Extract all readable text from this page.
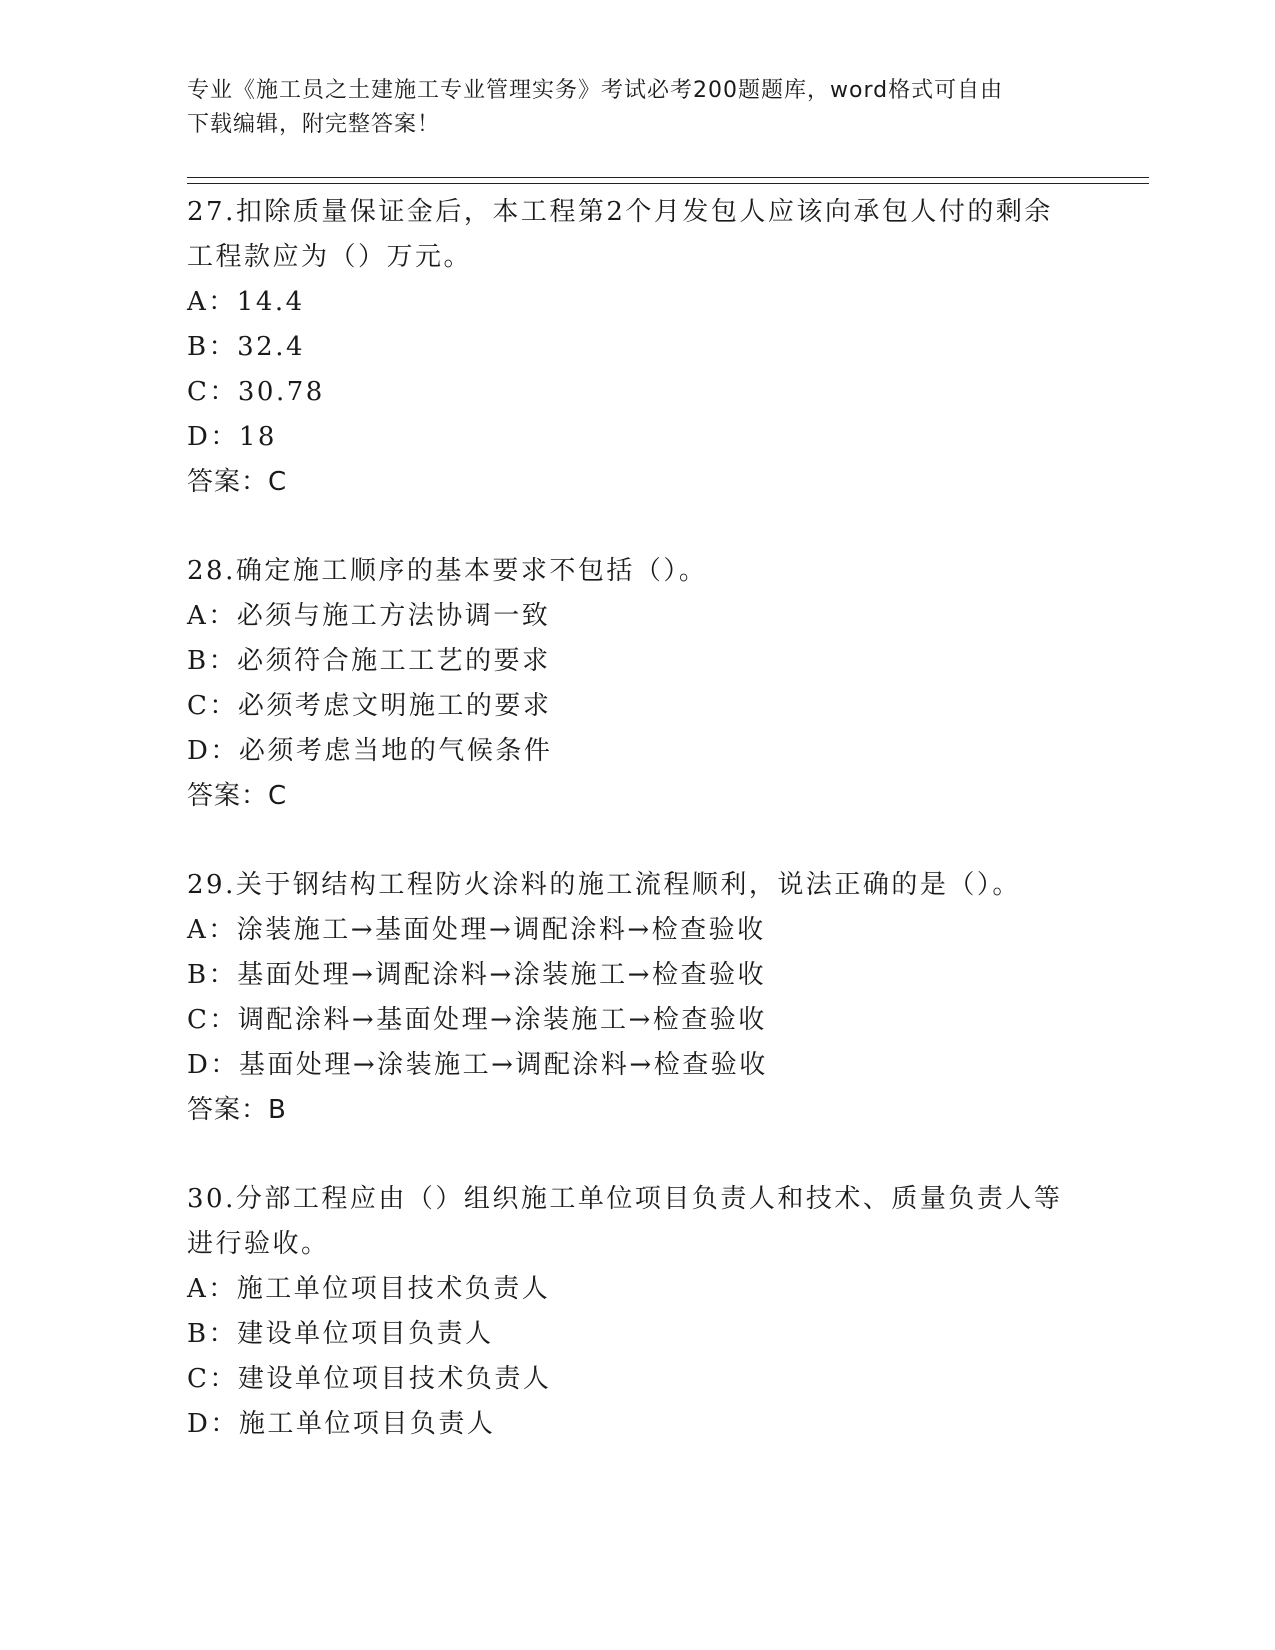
专业《施工员之土建施工专业管理实务》考试必考200题题库，word格式可自由
下载编辑，附完整答案！
27.扣除质量保证金后，本工程第2个月发包人应该向承包人付的剩余
工程款应为（）万元。
A：14.4
B：32.4
C：30.78
D：18
答案：C
28.确定施工顺序的基本要求不包括（）。
A：必须与施工方法协调一致
B：必须符合施工工艺的要求
C：必须考虑文明施工的要求
D：必须考虑当地的气候条件
答案：C
29.关于钢结构工程防火涂料的施工流程顺利，说法正确的是（）。
A：涂装施工→基面处理→调配涂料→检查验收
B：基面处理→调配涂料→涂装施工→检查验收
C：调配涂料→基面处理→涂装施工→检查验收
D：基面处理→涂装施工→调配涂料→检查验收
答案：B
30.分部工程应由（）组织施工单位项目负责人和技术、质量负责人等
进行验收。
A：施工单位项目技术负责人
B：建设单位项目负责人
C：建设单位项目技术负责人
D：施工单位项目负责人
